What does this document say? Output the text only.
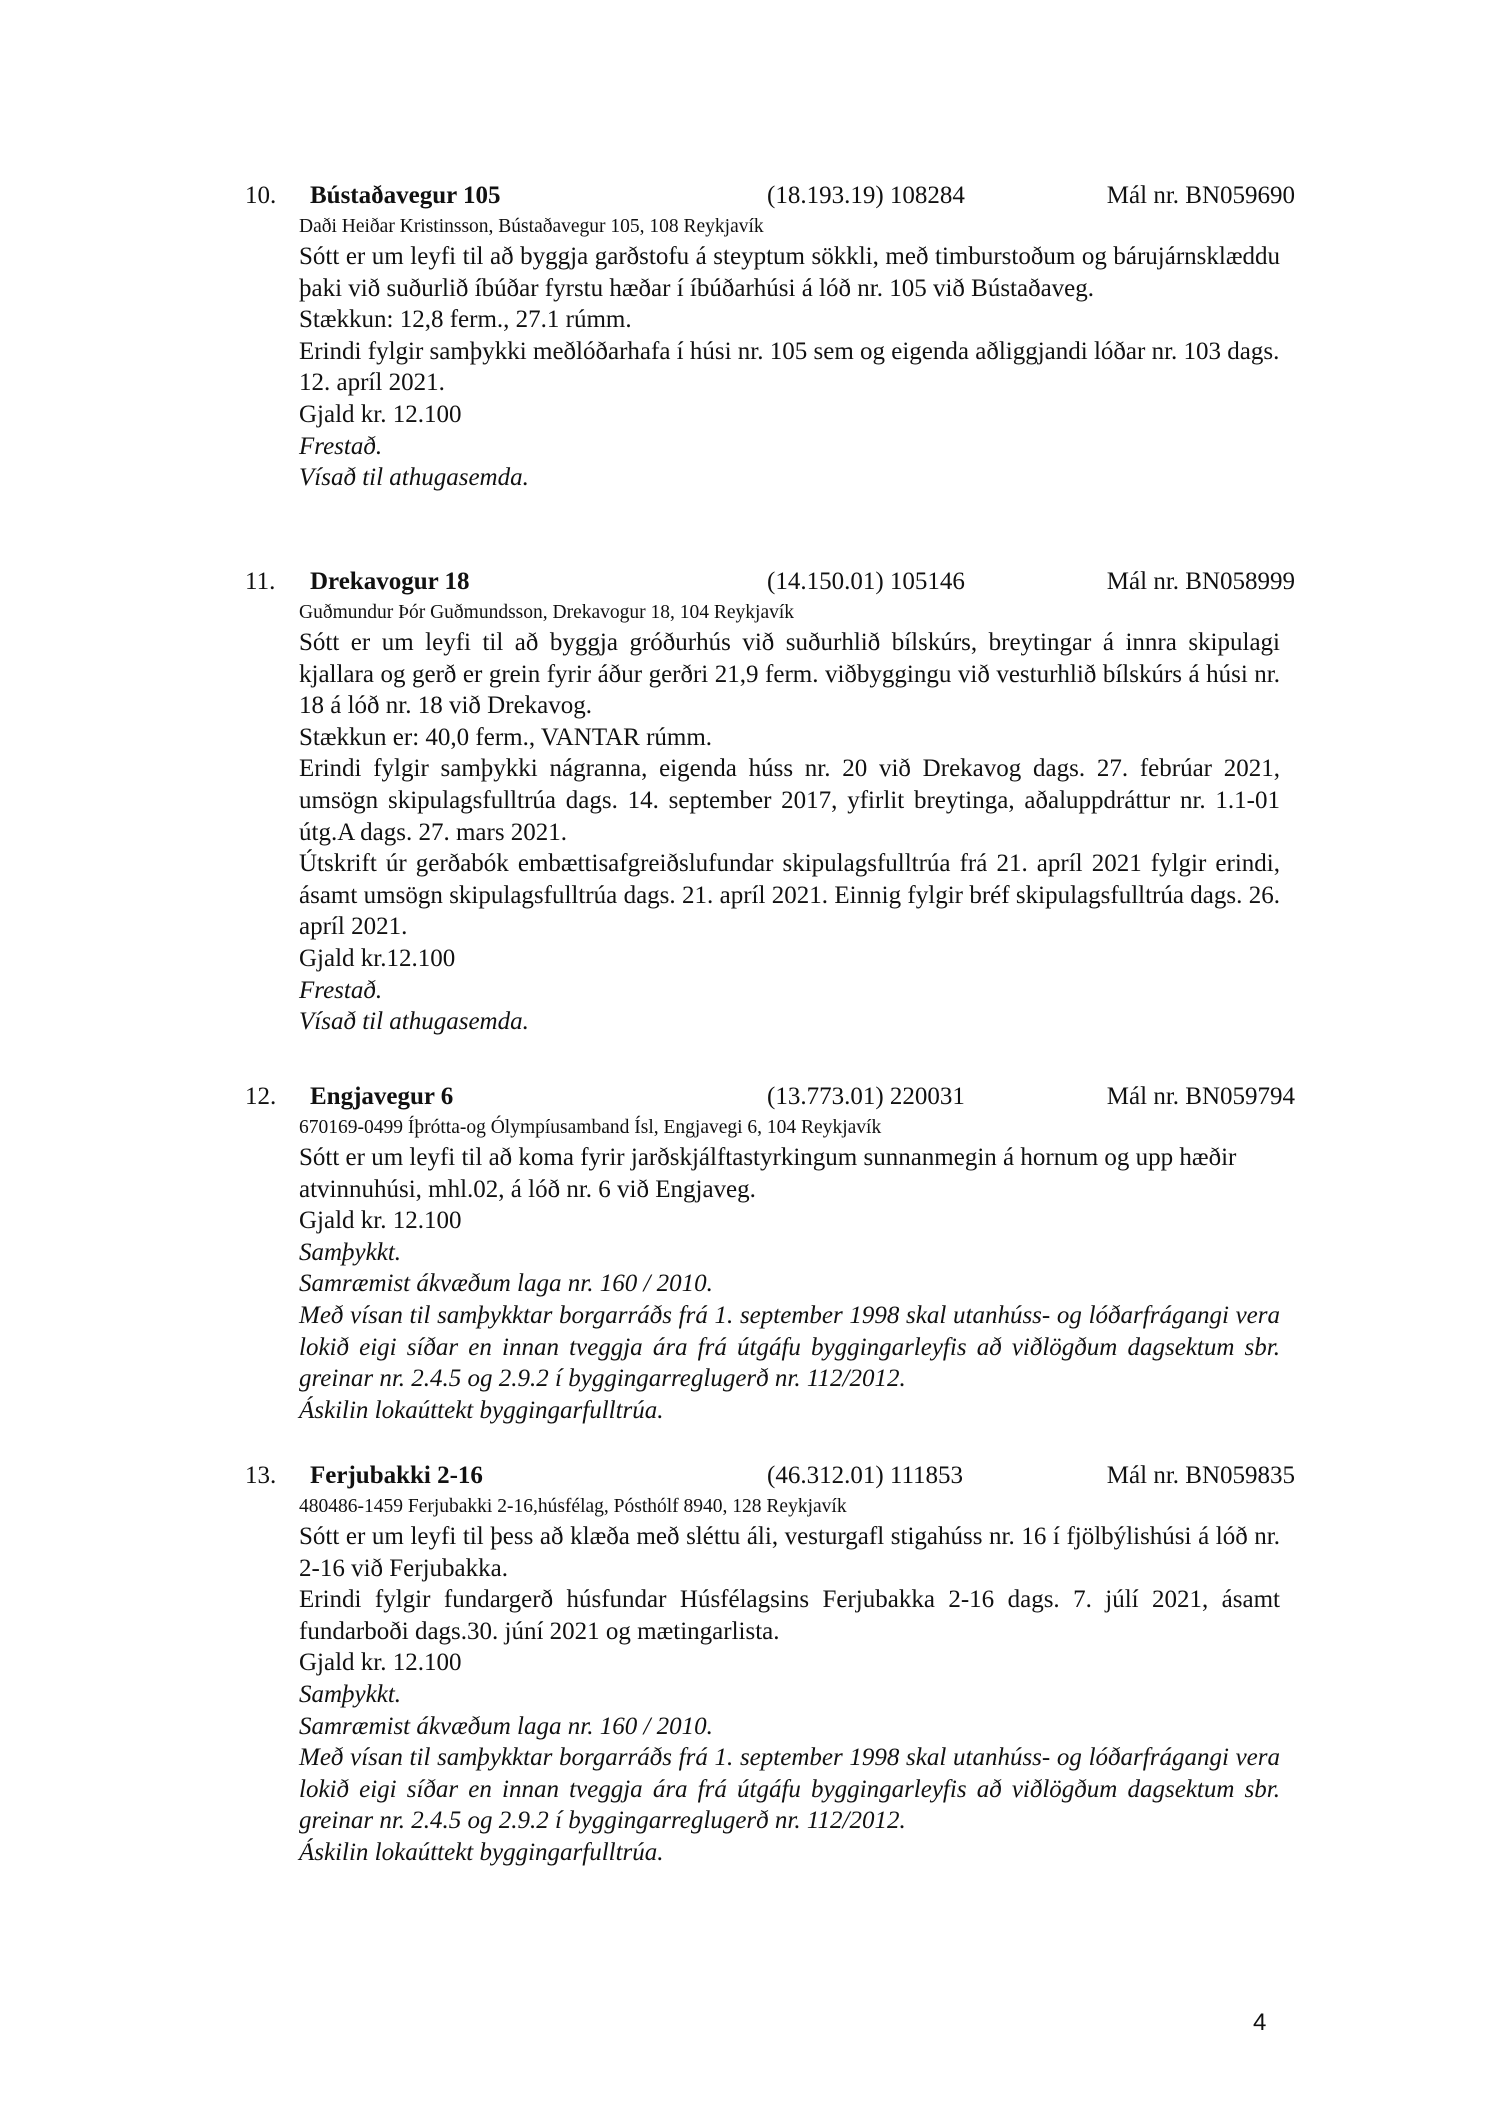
10. Bústaðavegur 105	(18.193.19) 108284	Mál nr. BN059690
Daði Heiðar Kristinsson, Bústaðavegur 105, 108 Reykjavík
Sótt er um leyfi til að byggja garðstofu á steyptum sökkli, með timburstoðum og bárujárnsklæddu þaki við suðurlið íbúðar fyrstu hæðar í íbúðarhúsi á lóð nr. 105 við Bústaðaveg.
Stækkun: 12,8 ferm., 27.1 rúmm.
Erindi fylgir samþykki meðlóðarhafa í húsi nr. 105 sem og eigenda aðliggjandi lóðar nr. 103 dags. 12. apríl 2021.
Gjald kr. 12.100
Frestað.
Vísað til athugasemda.
11. Drekavogur 18	(14.150.01) 105146	Mál nr. BN058999
Guðmundur Þór Guðmundsson, Drekavogur 18, 104 Reykjavík
Sótt er um leyfi til að byggja gróðurhús við suðurhlið bílskúrs, breytingar á innra skipulagi kjallara og gerð er grein fyrir áður gerðri 21,9 ferm. viðbyggingu við vesturhlið bílskúrs á húsi nr. 18 á lóð nr. 18 við Drekavog.
Stækkun er: 40,0 ferm., VANTAR rúmm.
Erindi fylgir samþykki nágranna, eigenda húss nr. 20 við Drekavog dags. 27. febrúar 2021, umsögn skipulagsfulltrúa dags. 14. september 2017, yfirlit breytinga, aðaluppdráttur nr. 1.1-01 útg.A dags. 27. mars 2021.
Útskrift úr gerðabók embættisafgreiðslufundar skipulagsfulltrúa frá 21. apríl 2021 fylgir erindi, ásamt umsögn skipulagsfulltrúa dags. 21. apríl 2021. Einnig fylgir bréf skipulagsfulltrúa dags. 26. apríl 2021.
Gjald kr.12.100
Frestað.
Vísað til athugasemda.
12. Engjavegur 6	(13.773.01) 220031	Mál nr. BN059794
670169-0499 Íþrótta-og Ólympíusamband Ísl, Engjavegi 6, 104 Reykjavík
Sótt er um leyfi til að koma fyrir jarðskjálftastyrkingum sunnanmegin á hornum og upp hæðir atvinnuhúsi, mhl.02, á lóð nr. 6 við Engjaveg.
Gjald kr. 12.100
Samþykkt.
Samræmist ákvæðum laga nr. 160 / 2010.
Með vísan til samþykktar borgarráðs frá 1. september 1998 skal utanhúss- og lóðarfrágangi vera lokið eigi síðar en innan tveggja ára frá útgáfu byggingarleyfis að viðlögðum dagsektum sbr. greinar nr. 2.4.5 og 2.9.2 í byggingarreglugerð nr. 112/2012.
Áskilin lokaúttekt byggingarfulltrúa.
13. Ferjubakki 2-16	(46.312.01) 111853	Mál nr. BN059835
480486-1459 Ferjubakki 2-16,húsfélag, Pósthólf 8940, 128 Reykjavík
Sótt er um leyfi til þess að klæða með sléttu áli, vesturgafl stigahúss nr. 16 í fjölbýlishúsi á lóð nr. 2-16 við Ferjubakka.
Erindi fylgir fundargerð húsfundar Húsfélagsins Ferjubakka 2-16 dags. 7. júlí 2021, ásamt fundarboði dags.30. júní 2021 og mætingarlista.
Gjald kr. 12.100
Samþykkt.
Samræmist ákvæðum laga nr. 160 / 2010.
Með vísan til samþykktar borgarráðs frá 1. september 1998 skal utanhúss- og lóðarfrágangi vera lokið eigi síðar en innan tveggja ára frá útgáfu byggingarleyfis að viðlögðum dagsektum sbr. greinar nr. 2.4.5 og 2.9.2 í byggingarreglugerð nr. 112/2012.
Áskilin lokaúttekt byggingarfulltrúa.
4
